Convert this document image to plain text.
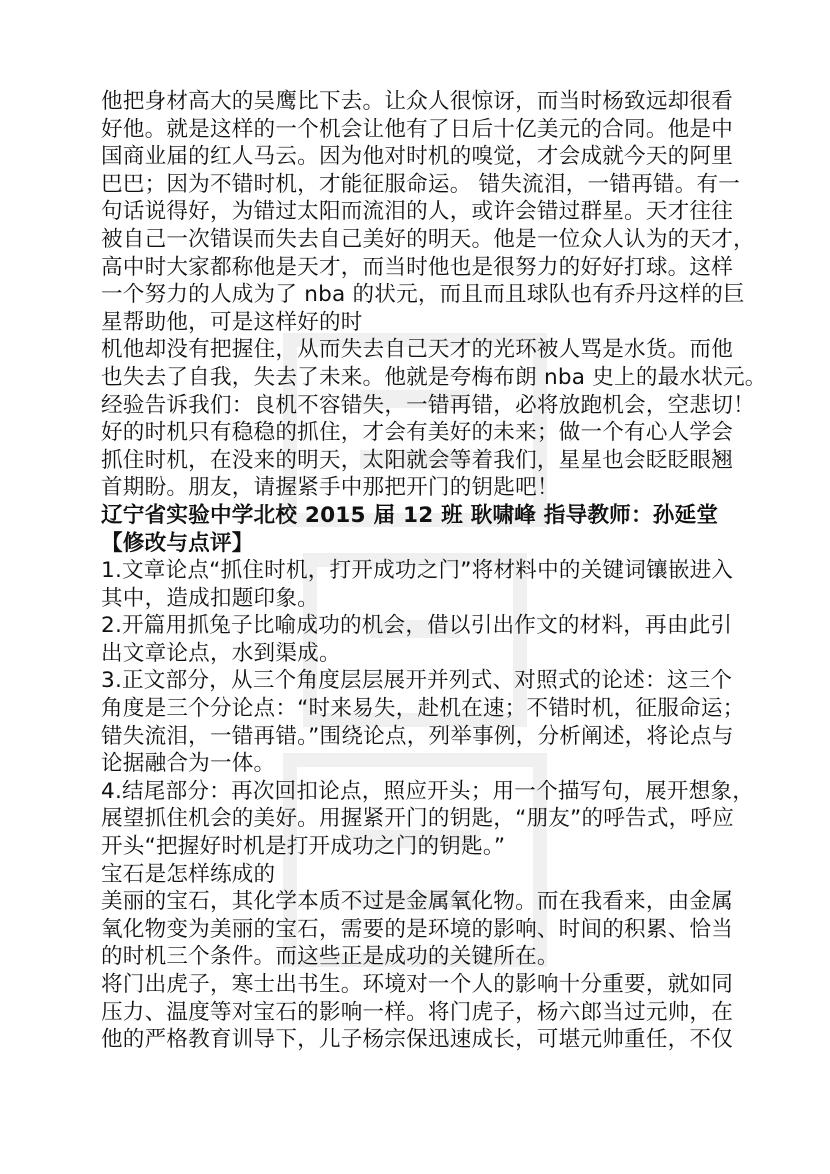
他把身材高大的吴鹰比下去。让众人很惊讶，而当时杨致远却很看
好他。就是这样的一个机会让他有了日后十亿美元的合同。他是中
国商业届的红人马云。因为他对时机的嗅觉，才会成就今天的阿里
巴巴；因为不错时机，才能征服命运。 错失流泪，一错再错。有一
句话说得好，为错过太阳而流泪的人，或许会错过群星。天才往往
被自己一次错误而失去自己美好的明天。他是一位众人认为的天才，
高中时大家都称他是天才，而当时他也是很努力的好好打球。这样
一个努力的人成为了 nba 的状元，而且而且球队也有乔丹这样的巨
星帮助他，可是这样好的时
机他却没有把握住，从而失去自己天才的光环被人骂是水货。而他
也失去了自我，失去了未来。他就是夸梅布朗 nba 史上的最水状元。
经验告诉我们：良机不容错失，一错再错，必将放跑机会，空悲切！
好的时机只有稳稳的抓住，才会有美好的未来；做一个有心人学会
抓住时机，在没来的明天，太阳就会等着我们，星星也会眨眨眼翘
首期盼。朋友，请握紧手中那把开门的钥匙吧！
辽宁省实验中学北校 2015 届 12 班 耿啸峰 指导教师：孙延堂
【修改与点评】
1.文章论点“抓住时机，打开成功之门”将材料中的关键词镶嵌进入
其中，造成扣题印象。
2.开篇用抓兔子比喻成功的机会，借以引出作文的材料，再由此引
出文章论点，水到渠成。
3.正文部分，从三个角度层层展开并列式、对照式的论述：这三个
角度是三个分论点：“时来易失，赴机在速；不错时机，征服命运；
错失流泪，一错再错。”围绕论点，列举事例，分析阐述，将论点与
论据融合为一体。
4.结尾部分：再次回扣论点，照应开头；用一个描写句，展开想象，
展望抓住机会的美好。用握紧开门的钥匙，“朋友”的呼告式，呼应
开头“把握好时机是打开成功之门的钥匙。”
宝石是怎样练成的
美丽的宝石，其化学本质不过是金属氧化物。而在我看来，由金属
氧化物变为美丽的宝石，需要的是环境的影响、时间的积累、恰当
的时机三个条件。而这些正是成功的关键所在。
将门出虎子，寒士出书生。环境对一个人的影响十分重要，就如同
压力、温度等对宝石的影响一样。将门虎子，杨六郎当过元帅，在
他的严格教育训导下，儿子杨宗保迅速成长，可堪元帅重任，不仅
